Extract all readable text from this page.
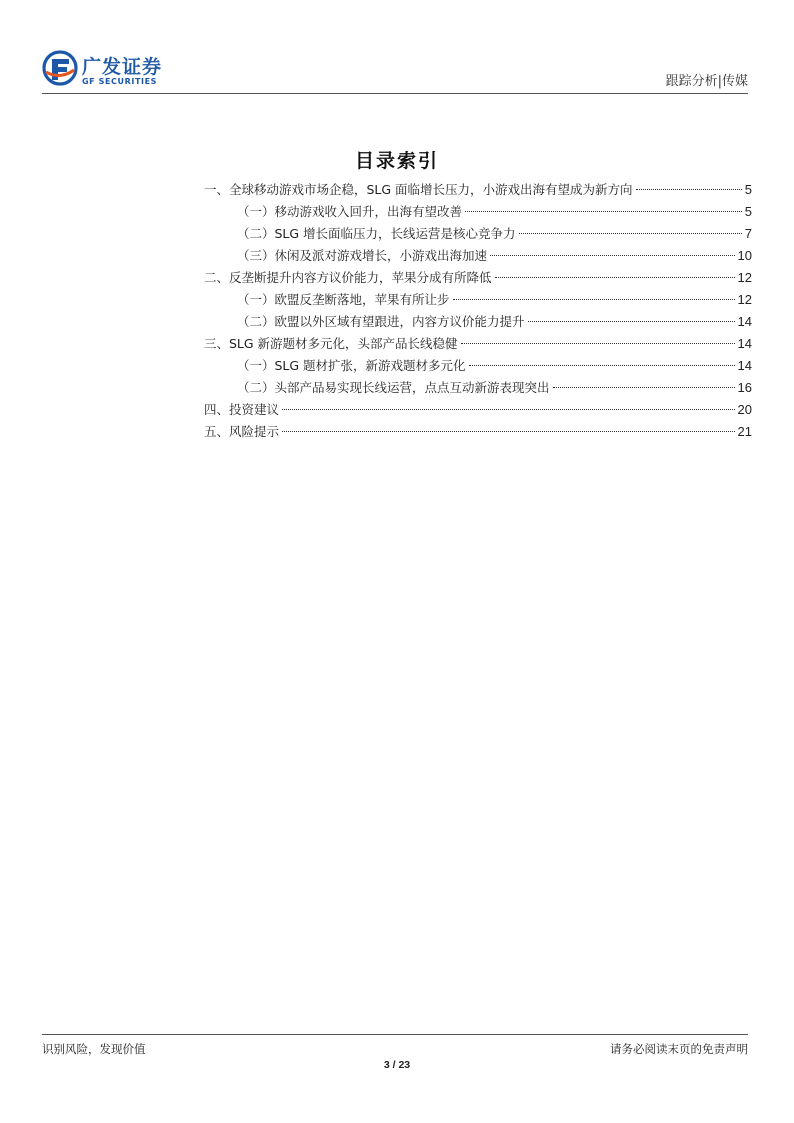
广发证券
GF SECURITIES	跟踪分析|传媒
目录索引
一、全球移动游戏市场企稳，SLG 面临增长压力，小游戏出海有望成为新方向	5
（一）移动游戏收入回升，出海有望改善	5
（二）SLG 增长面临压力，长线运营是核心竞争力	7
（三）休闲及派对游戏增长，小游戏出海加速	10
二、反垄断提升内容方议价能力，苹果分成有所降低	12
（一）欧盟反垄断落地，苹果有所让步	12
（二）欧盟以外区域有望跟进，内容方议价能力提升	14
三、SLG 新游题材多元化，头部产品长线稳健	14
（一）SLG 题材扩张，新游戏题材多元化	14
（二）头部产品易实现长线运营，点点互动新游表现突出	16
四、投资建议	20
五、风险提示	21
识别风险，发现价值	请务必阅读末页的免责声明
3 / 23
